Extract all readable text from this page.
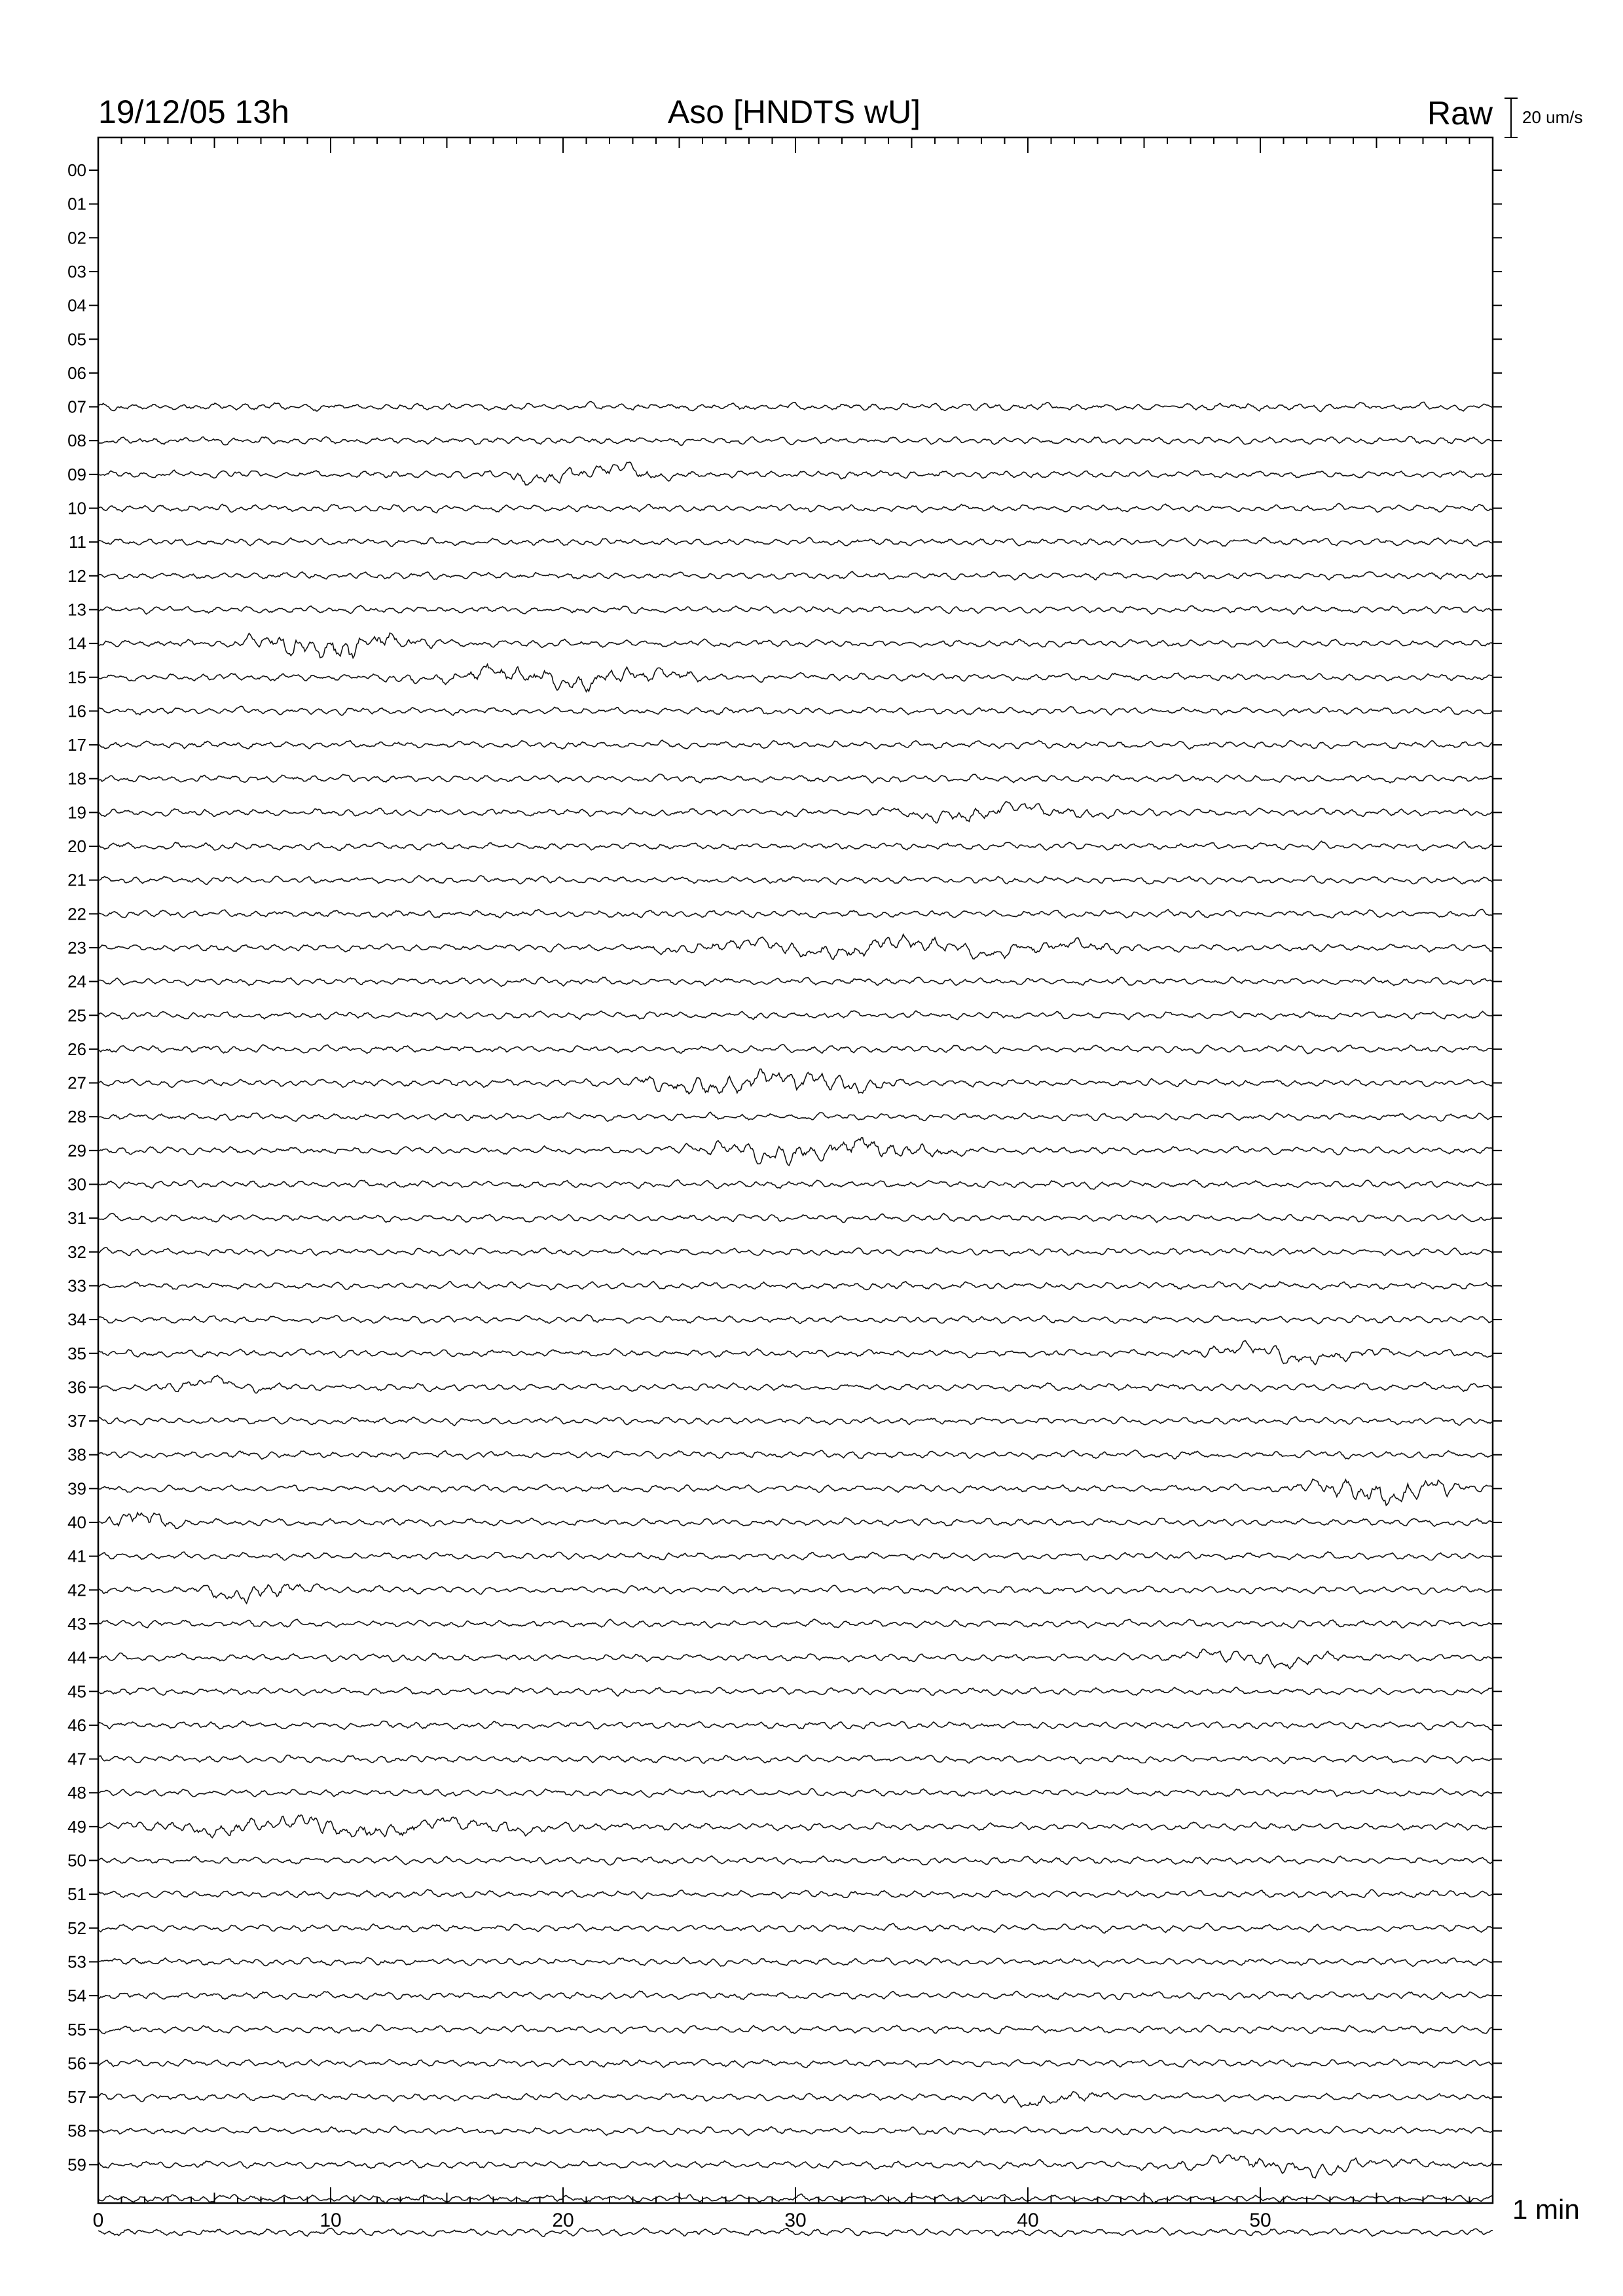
19/12/05 13h	Aso [HNDTS wU]	Raw 20 um/s
00
01
02
03
04
05
06
07
08
09
10
11
12
13
14
15
16
17
18
19
20
21
22
23
24
25
26
27
28
29
30
31
32
33
34
35
36
37
38
39
40
41
42
43
44
45
46
47
48
49
50
51
52
53
54
55
56
57
58
59
0	10	20	30	40	50	1 min
